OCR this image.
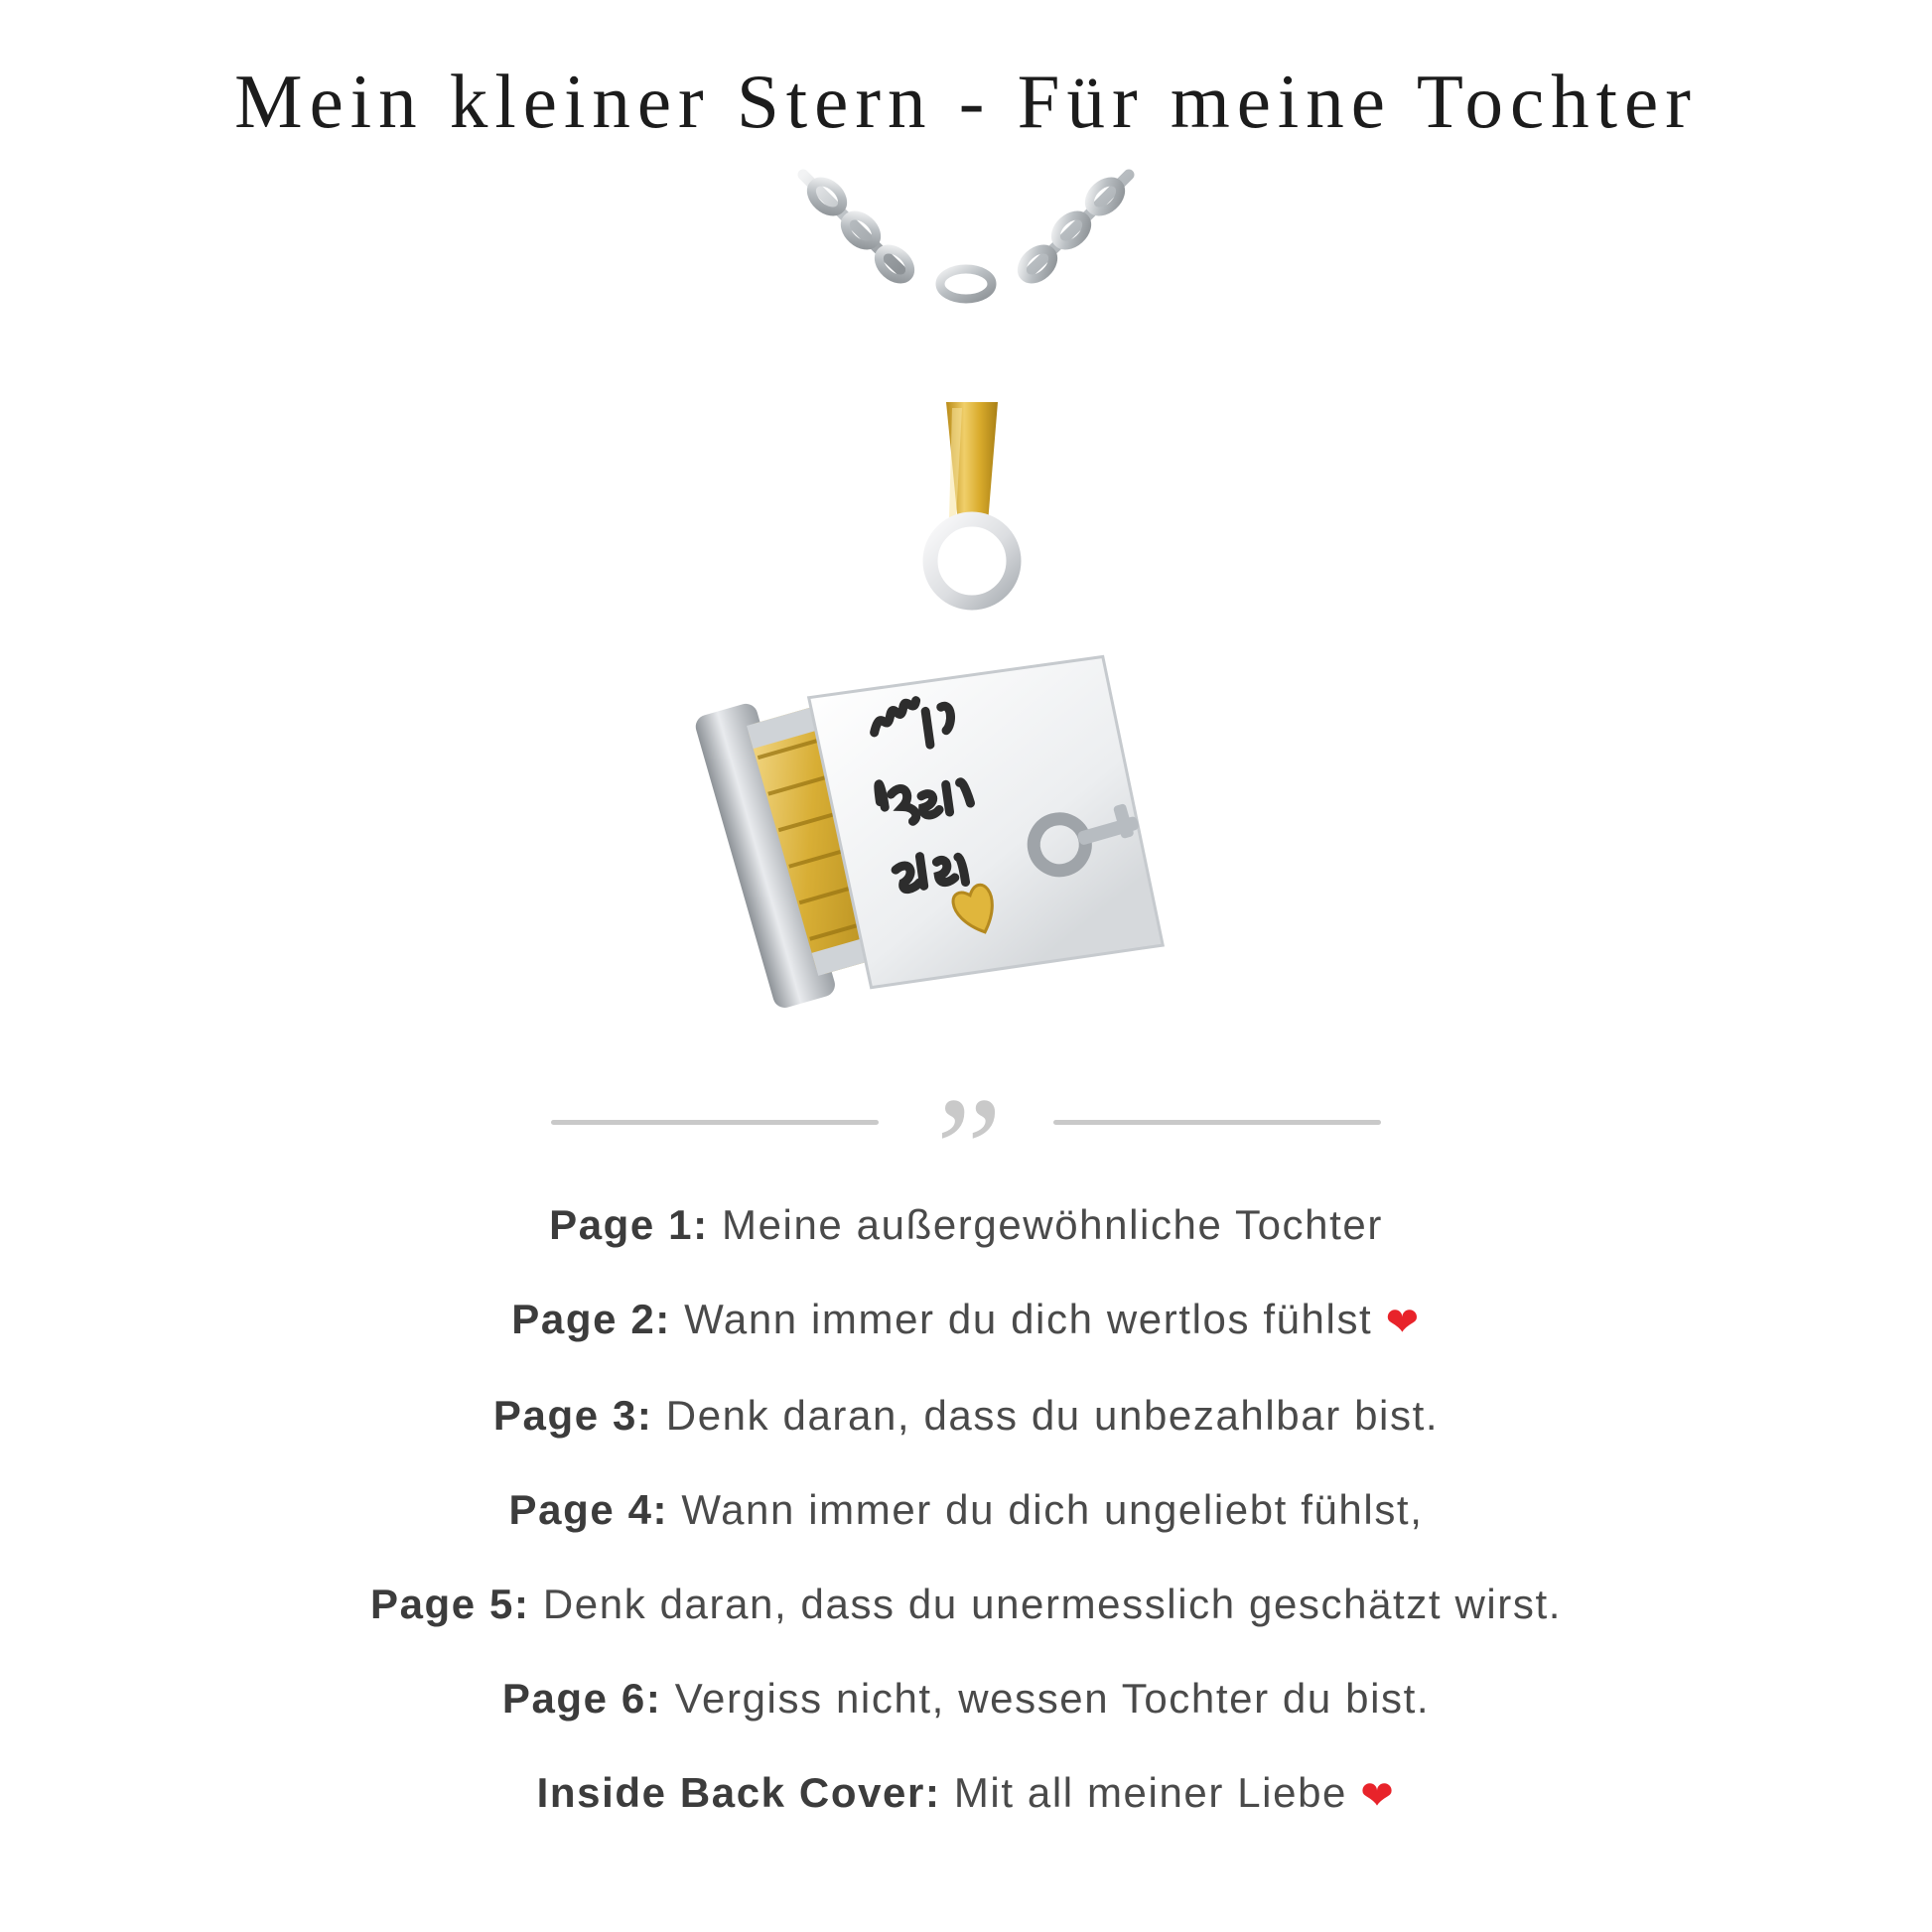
Mein kleiner Stern - Für meine Tochter
”

Page 1: Meine außergewöhnliche Tochter

Page 2: Wann immer du dich wertlos fühlst ❤

Page 3: Denk daran, dass du unbezahlbar bist.

Page 4: Wann immer du dich ungeliebt fühlst,

Page 5: Denk daran, dass du unermesslich geschätzt wirst.

Page 6: Vergiss nicht, wessen Tochter du bist.

Inside Back Cover: Mit all meiner Liebe ❤
